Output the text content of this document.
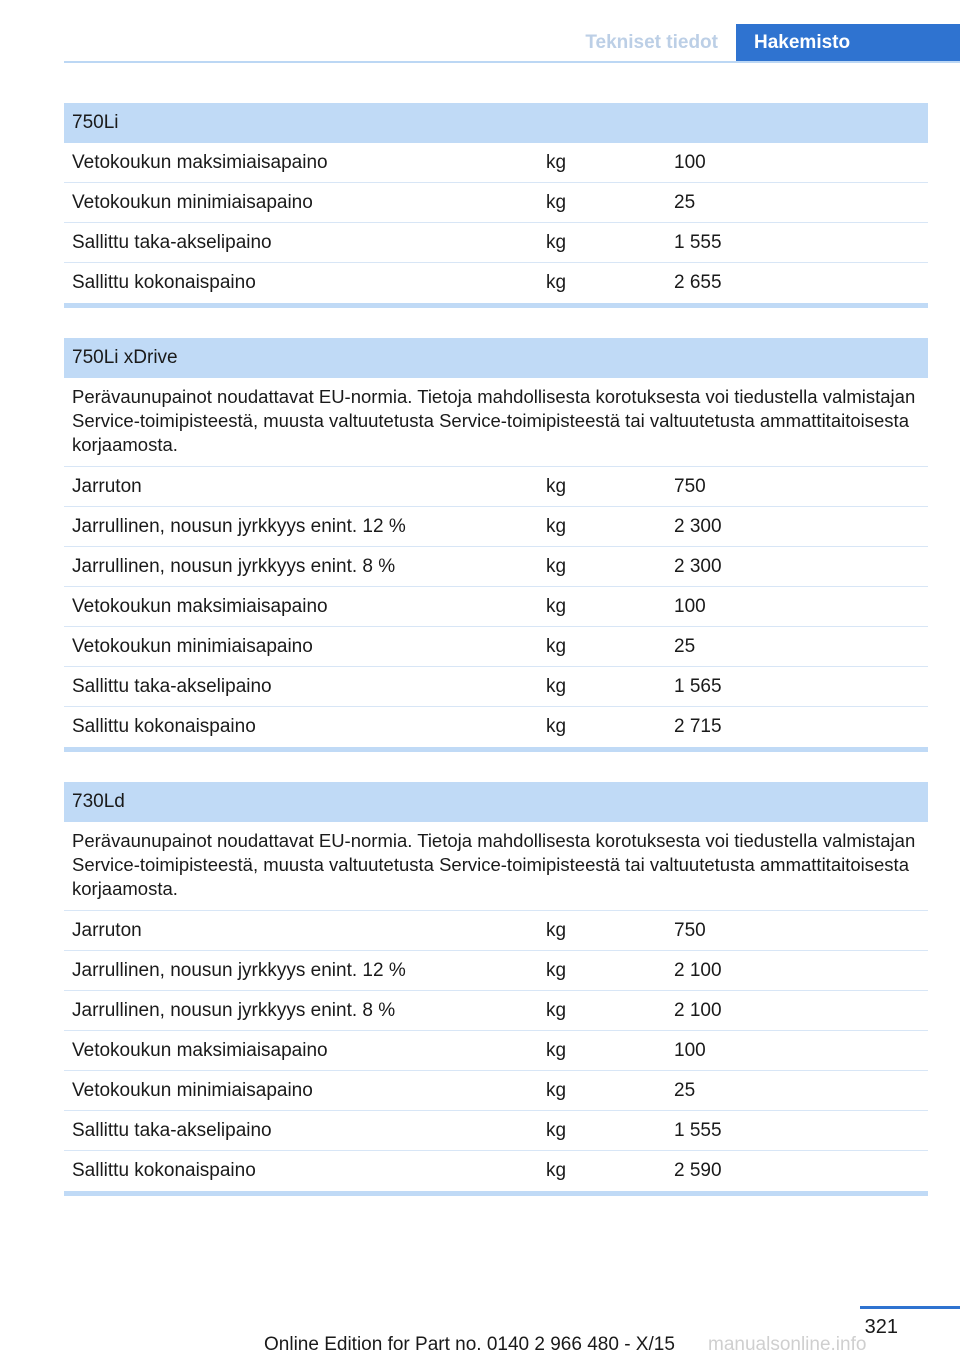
Tekniset tiedot	Hakemisto
750Li
Vetokoukun maksimiaisapaino	kg	100
Vetokoukun minimiaisapaino	kg	25
Sallittu taka-akselipaino	kg	1 555
Sallittu kokonaispaino	kg	2 655
750Li xDrive
Perävaunupainot noudattavat EU-normia. Tietoja mahdollisesta korotuksesta voi tiedustella valmistajan Service-toimipisteestä, muusta valtuutetusta Service-toimipisteestä tai valtuutetusta ammattitaitoisesta korjaamosta.
Jarruton	kg	750
Jarrullinen, nousun jyrkkyys enint. 12 %	kg	2 300
Jarrullinen, nousun jyrkkyys enint. 8 %	kg	2 300
Vetokoukun maksimiaisapaino	kg	100
Vetokoukun minimiaisapaino	kg	25
Sallittu taka-akselipaino	kg	1 565
Sallittu kokonaispaino	kg	2 715
730Ld
Perävaunupainot noudattavat EU-normia. Tietoja mahdollisesta korotuksesta voi tiedustella valmistajan Service-toimipisteestä, muusta valtuutetusta Service-toimipisteestä tai valtuutetusta ammattitaitoisesta korjaamosta.
Jarruton	kg	750
Jarrullinen, nousun jyrkkyys enint. 12 %	kg	2 100
Jarrullinen, nousun jyrkkyys enint. 8 %	kg	2 100
Vetokoukun maksimiaisapaino	kg	100
Vetokoukun minimiaisapaino	kg	25
Sallittu taka-akselipaino	kg	1 555
Sallittu kokonaispaino	kg	2 590
321
Online Edition for Part no. 0140 2 966 480 - X/15 manualsonline.info
